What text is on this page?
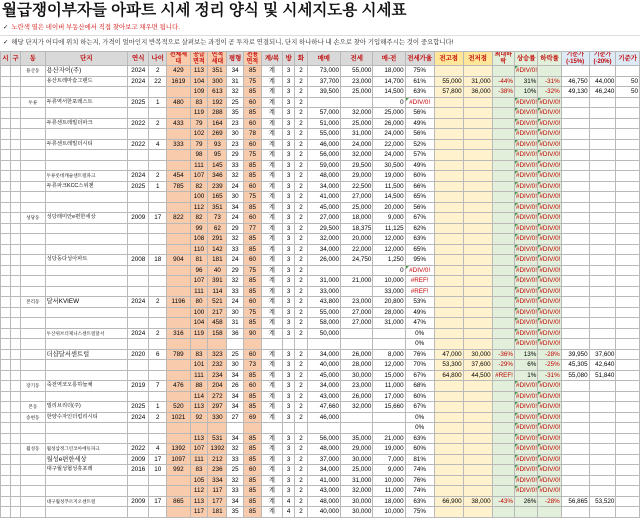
월급쟁이부자들 아파트 시세 정리 양식 및 시세지도용 시세표
✓ 노란색 열은 네이버 부동산에서 직접 찾아보고 채우면 됩니다.
✓ 해당 단지가 어디에 위치 하는지, 가격이 얼마인지 반복적으로 살펴보는 과정이 곧 투자로 연결되니, 단지 하나하나 내 손으로 찾아 기입해주시는 것이 중요합니다!
시	구	동	단지	연식	나이	전체세대	공급면적	면적세대	평형	전용면적	계/복	방	화	매매	전세	매-전	전세가율	전고점	전저점	최대하락	상승률	하락률	기준가(-15%)	기준가(-20%)	기준가
		용산동	용산자이(주)	2024	2	429	113	351	34	85	계	3	2	73,000	55,000	18,000	75%				#DIV/0!				
			용산트레마슬그랜드	2024	22	1619	104	300	31	75	계	3	2	37,700	23,000	14,700	61%	55,000	31,000	-44%	31%	-31%	46,750	44,000	50
							109	613	32	85	계	3	2	39,500	25,000	14,500	63%	57,800	36,000	-38%	10%	-32%	49,130	46,240	50
		두류	두류역서한포레스트	2025	1	480	83	192	25	60	계	3	2			0	#DIV/0!				#DIV/0!	#DIV/0!			
							119	288	35	85	계	3	2	57,000	32,000	25,000	56%				#DIV/0!	#DIV/0!			
			두류센트레빌더파크	2022	2	433	79	164	23	60	계	3	2	51,000	25,000	26,000	49%				#DIV/0!	#DIV/0!			
							102	269	30	78	계	3	2	55,000	31,000	24,000	56%				#DIV/0!	#DIV/0!			
			두류센트레빌더시티	2022	4	333	79	93	23	60	계	3	2	46,000	24,000	22,000	52%				#DIV/0!	#DIV/0!			
							98	95	29	75	계	3	2	56,000	32,000	24,000	57%				#DIV/0!	#DIV/0!			
							111	145	33	85	계	3	2	59,000	29,500	30,500	49%				#DIV/0!	#DIV/0!			
			두류롯데캐슬센트럴파크	2024	2	454	107	346	32	85	계	3	2	48,000	29,000	19,000	60%				#DIV/0!	#DIV/0!			
			두류파크KCC스위첸	2025	1	785	82	239	24	60	계	3	2	34,000	22,500	11,500	66%				#DIV/0!	#DIV/0!			
							100	165	30	75	계	3	2	41,000	27,000	14,500	65%				#DIV/0!	#DIV/0!			
							112	351	34	85	계	3	2	45,000	25,000	20,000	56%				#DIV/0!	#DIV/0!			
		성당동	성당래미안e편한세상	2009	17	822	82	73	24	60	계	3	2	27,000	18,000	9,000	67%				#DIV/0!	#DIV/0!			
							99	62	29	77	계	3	2	29,500	18,375	11,125	62%				#DIV/0!	#DIV/0!			
							108	291	32	85	계	3	2	32,000	20,000	12,000	63%				#DIV/0!	#DIV/0!			
							110	142	33	85	계	3	2	34,000	22,000	12,000	65%				#DIV/0!	#DIV/0!			
			성당동다성아파트	2008	18	904	81	181	24	60	계	3	2	26,000	24,750	1,250	95%				#DIV/0!	#DIV/0!			
							96	40	29	75	계	3	2			0	#DIV/0!				#DIV/0!	#DIV/0!			
							107	391	32	85	계	3	2	31,000	21,000	10,000	#REF!				#DIV/0!	#DIV/0!			
							111	114	33	85	계	3	2	33,000		33,000	#REF!				#DIV/0!	#DIV/0!			
		본리동	달서KVIEW	2024	2	1196	80	521	24	60	계	3	2	43,800	23,000	20,800	53%				#DIV/0!	#DIV/0!			
							100	217	30	75	계	3	2	55,000	27,000	28,000	49%				#DIV/0!	#DIV/0!			
							104	458	31	85	계	3	2	58,000	27,000	31,000	47%				#DIV/0!	#DIV/0!			
			두산위브더제니스센트럴달서	2024	2	316	119	158	36	90	계	3	2	50,000			0%				#DIV/0!	#DIV/0!			
																	0%				#DIV/0!	#DIV/0!			
			더샵달서센트럴	2020	6	789	83	323	25	60	계	3	2	34,000	26,000	8,000	76%	47,000	30,000	-36%	13%	-28%	39,950	37,600	
							101	232	30	73	계	3	2	40,000	28,000	12,000	70%	53,300	37,600	-29%	6%	-25%	45,305	42,640	
							111	234	34	85	계	3	2	45,000	30,000	15,000	67%	64,800	44,500	#REF!	1%	-31%	55,080	51,840	
		장기동	죽전역코오롱하늘채	2019	7	476	88	204	26	60	계	3	2	34,000	23,000	11,000	68%				#DIV/0!	#DIV/0!			
							114	272	34	85	계	3	2	43,000	26,000	17,000	60%				#DIV/0!	#DIV/0!			
		본동	빌리브리더(주)	2025	1	520	113	297	34	85	계	3	2	47,660	32,000	15,660	67%				#DIV/0!	#DIV/0!			
		송현동	한양수자인더럽리시티	2024	2	1021	92	330	27	69	계	3	2	46,000			0%				#DIV/0!	#DIV/0!			
																	0%				#DIV/0!	#DIV/0!			
							113	531	34	85	계	3	2	56,000	35,000	21,000	63%				#DIV/0!	#DIV/0!			
		월성동	월성삼정그린코아에듀파크	2022	4	1392	107	1392	32	85	계	3	2	48,000	29,000	19,000	60%				#DIV/0!	#DIV/0!			
			월성e편한세상	2009	17	1097	111	212	33	85	계	3	2	37,000	30,000	7,000	81%				#DIV/0!	#DIV/0!			
			대구월성협성휴포레	2016	10	992	83	236	25	60	계	3	2	34,000	25,000	9,000	74%				#DIV/0!	#DIV/0!			
							105	334	32	85	계	3	2	41,000	31,000	10,000	76%				#DIV/0!	#DIV/0!			
							112	117	33	85	계	3	2	43,000	32,000	11,000	74%				#DIV/0!	#DIV/0!			
			대구월성푸르지오센트럴	2009	17	865	113	177	34	85	계	4	2	48,000	30,000	18,000	63%	66,900	38,000	-43%	26%	-28%	56,865	53,520	
							117	181	35	85	계	4	2	40,000	30,000	10,000	75%								
